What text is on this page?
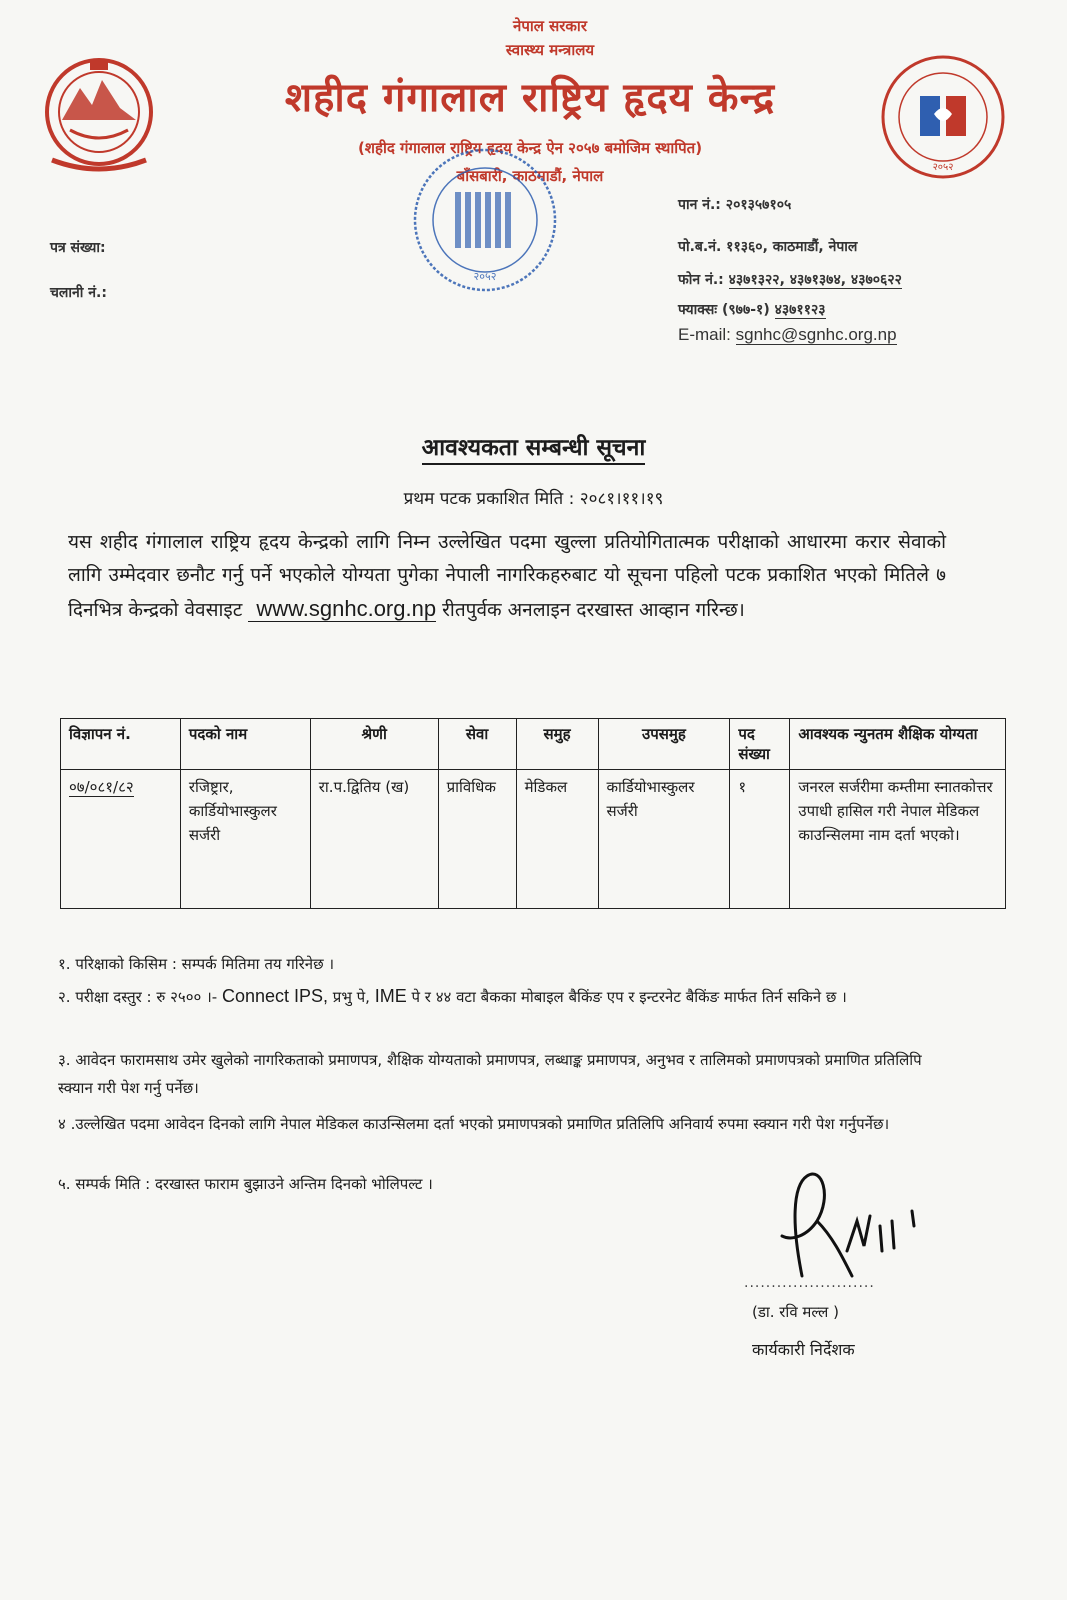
नेपाल सरकार
स्वास्थ्य मन्त्रालय
शहीद गंगालाल राष्ट्रिय हृदय केन्द्र
(शहीद गंगालाल राष्ट्रिय हृदय केन्द्र ऐन २०५७ बमोजिम स्थापित)
बाँसबारी, काठमाडौं, नेपाल	२०५२
२०५२
पत्र संख्या:
चलानी नं.:
पान नं.: २०१३५७१०५
पो.ब.नं. ११३६०, काठमाडौं, नेपाल
फोन नं.: ४३७१३२२, ४३७१३७४, ४३७०६२२
फ्याक्सः (९७७-१) ४३७११२३
E-mail: sgnhc@sgnhc.org.np
आवश्यकता सम्बन्धी सूचना
प्रथम पटक प्रकाशित मिति : २०८१।११।१९
यस शहीद गंगालाल राष्ट्रिय हृदय केन्द्रको लागि निम्न उल्लेखित पदमा खुल्ला प्रतियोगितात्मक परीक्षाको आधारमा करार सेवाको लागि उम्मेदवार छनौट गर्नु पर्ने भएकोले योग्यता पुगेका नेपाली नागरिकहरुबाट यो सूचना पहिलो पटक प्रकाशित भएको मितिले ७ दिनभित्र केन्द्रको वेवसाइट www.sgnhc.org.np रीतपुर्वक अनलाइन दरखास्त आव्हान गरिन्छ।
विज्ञापन नं.	पदको नाम	श्रेणी	सेवा	समुह	उपसमुह	पद संख्या	आवश्यक न्युनतम शैक्षिक योग्यता
०७/०८१/८२	रजिष्ट्रार, कार्डियोभास्कुलर सर्जरी	रा.प.द्वितिय (ख)	प्राविधिक	मेडिकल	कार्डियोभास्कुलर सर्जरी	१	जनरल सर्जरीमा कम्तीमा स्नातकोत्तर उपाधी हासिल गरी नेपाल मेडिकल काउन्सिलमा नाम दर्ता भएको।
१. परिक्षाको किसिम : सम्पर्क मितिमा तय गरिनेछ ।
२. परीक्षा दस्तुर : रु २५०० ।- Connect IPS, प्रभु पे, IME पे र ४४ वटा बैकका मोबाइल बैकिंङ एप र इन्टरनेट बैकिंङ मार्फत तिर्न सकिने छ ।
३. आवेदन फारामसाथ उमेर खुलेको नागरिकताको प्रमाणपत्र, शैक्षिक योग्यताको प्रमाणपत्र, लब्धाङ्क प्रमाणपत्र, अनुभव र तालिमको प्रमाणपत्रको प्रमाणित प्रतिलिपि स्क्यान गरी पेश गर्नु पर्नेछ।
४ .उल्लेखित पदमा आवेदन दिनको लागि नेपाल मेडिकल काउन्सिलमा दर्ता भएको प्रमाणपत्रको प्रमाणित प्रतिलिपि अनिवार्य रुपमा स्क्यान गरी पेश गर्नुपर्नेछ।
५. सम्पर्क मिति : दरखास्त फाराम बुझाउने अन्तिम दिनको भोलिपल्ट ।
........................
(डा. रवि मल्ल )
कार्यकारी निर्देशक
